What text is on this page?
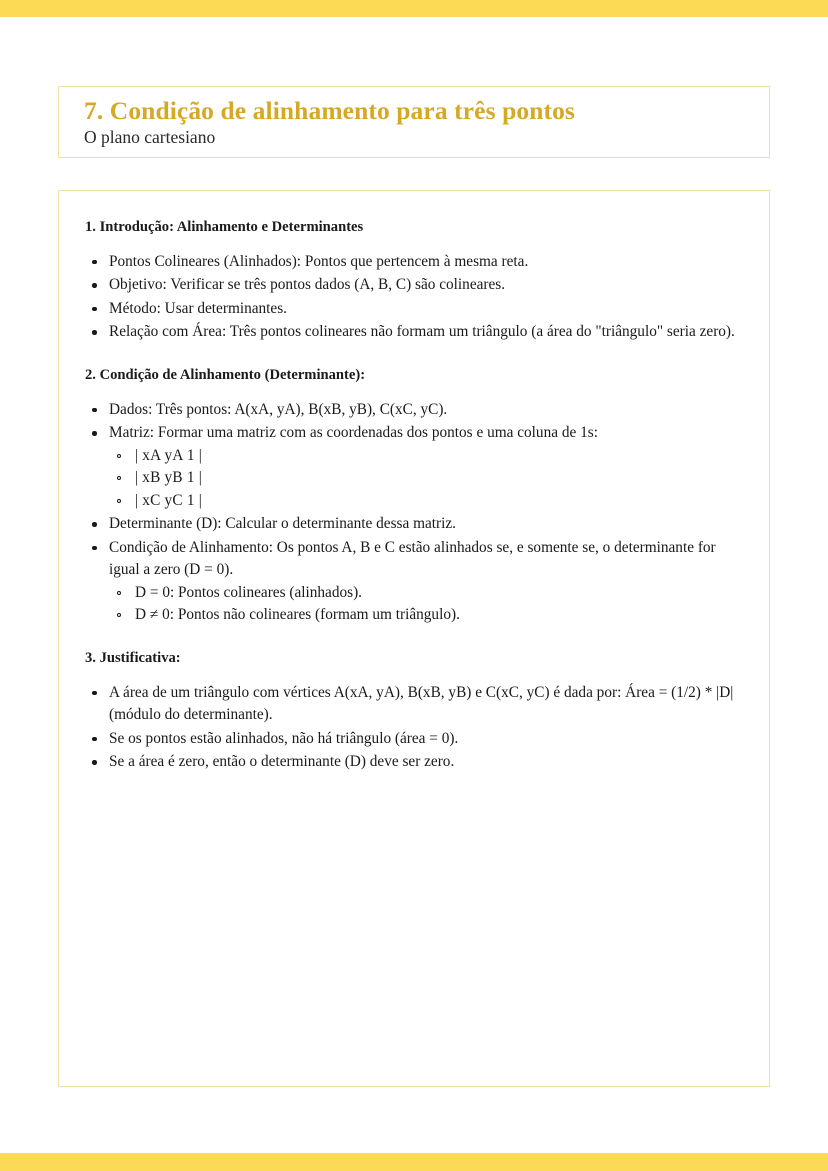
7. Condição de alinhamento para três pontos
O plano cartesiano
1. Introdução: Alinhamento e Determinantes
Pontos Colineares (Alinhados): Pontos que pertencem à mesma reta.
Objetivo: Verificar se três pontos dados (A, B, C) são colineares.
Método: Usar determinantes.
Relação com Área: Três pontos colineares não formam um triângulo (a área do "triângulo" seria zero).
2. Condição de Alinhamento (Determinante):
Dados: Três pontos: A(xA, yA), B(xB, yB), C(xC, yC).
Matriz: Formar uma matriz com as coordenadas dos pontos e uma coluna de 1s:
| xA yA 1 |
| xB yB 1 |
| xC yC 1 |
Determinante (D): Calcular o determinante dessa matriz.
Condição de Alinhamento: Os pontos A, B e C estão alinhados se, e somente se, o determinante for igual a zero (D = 0).
D = 0: Pontos colineares (alinhados).
D ≠ 0: Pontos não colineares (formam um triângulo).
3. Justificativa:
A área de um triângulo com vértices A(xA, yA), B(xB, yB) e C(xC, yC) é dada por: Área = (1/2) * |D| (módulo do determinante).
Se os pontos estão alinhados, não há triângulo (área = 0).
Se a área é zero, então o determinante (D) deve ser zero.
